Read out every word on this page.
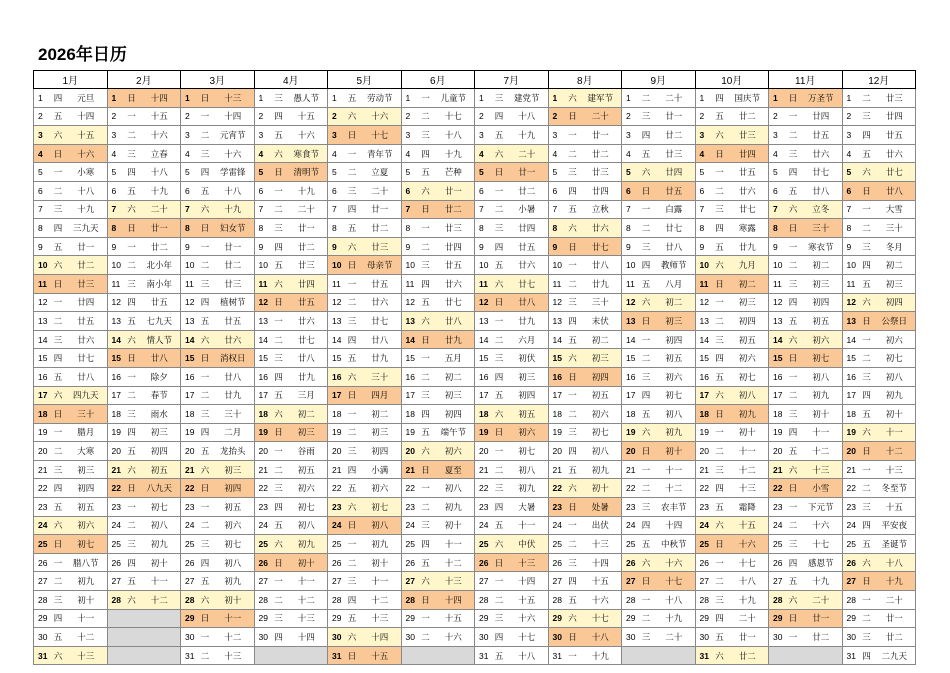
2026年日历
1月	2月	3月	4月	5月	6月	7月	8月	9月	10月	11月	12月

1 四 元旦	1 日 十四	1 日 十三	1 三 愚人节	1 五 劳动节	1 一 儿童节	1 三 建党节	1 六 建军节	1 二 二十	1 四 国庆节	1 日 万圣节	1 二 廿三

2 五 十四	2 一 十五	2 一 十四	2 四 十五	2 六 十六	2 二 十七	2 四 十八	2 日 二十	2 三 廿一	2 五 廿二	2 一 廿四	2 三 廿四

3 六 十五	3 二 十六	3 二 元宵节	3 五 十六	3 日 十七	3 三 十八	3 五 十九	3 一 廿一	3 四 廿二	3 六 廿三	3 二 廿五	3 四 廿五

4 日 十六	4 三 立春	4 三 十六	4 六 寒食节	4 一 青年节	4 四 十九	4 六 二十	4 二 廿二	4 五 廿三	4 日 廿四	4 三 廿六	4 五 廿六

5 一 小寒	5 四 十八	5 四 学雷锋	5 日 清明节	5 二 立夏	5 五 芒种	5 日 廿一	5 三 廿三	5 六 廿四	5 一 廿五	5 四 廿七	5 六 廿七

6 二 十八	6 五 十九	6 五 十八	6 一 十九	6 三 二十	6 六 廿一	6 一 廿二	6 四 廿四	6 日 廿五	6 二 廿六	6 五 廿八	6 日 廿八

7 三 十九	7 六 二十	7 六 十九	7 二 二十	7 四 廿一	7 日 廿二	7 二 小暑	7 五 立秋	7 一 白露	7 三 廿七	7 六 立冬	7 一 大雪

8 四 三九天	8 日 廿一	8 日 妇女节	8 三 廿一	8 五 廿二	8 一 廿三	8 三 廿四	8 六 廿六	8 二 廿七	8 四 寒露	8 日 三十	8 二 三十

9 五 廿一	9 一 廿二	9 一 廿一	9 四 廿二	9 六 廿三	9 二 廿四	9 四 廿五	9 日 廿七	9 三 廿八	9 五 廿九	9 一 寒衣节	9 三 冬月

10 六 廿二	10 二 北小年	10 二 廿二	10 五 廿三	10 日 母亲节	10 三 廿五	10 五 廿六	10 一 廿八	10 四 教师节	10 六 九月	10 二 初二	10 四 初二

11 日 廿三	11 三 南小年	11 三 廿三	11 六 廿四	11 一 廿五	11 四 廿六	11 六 廿七	11 二 廿九	11 五 八月	11 日 初二	11 三 初三	11 五 初三

12 一 廿四	12 四 廿五	12 四 植树节	12 日 廿五	12 二 廿六	12 五 廿七	12 日 廿八	12 三 三十	12 六 初二	12 一 初三	12 四 初四	12 六 初四

13 二 廿五	13 五 七九天	13 五 廿五	13 一 廿六	13 三 廿七	13 六 廿八	13 一 廿九	13 四 末伏	13 日 初三	13 二 初四	13 五 初五	13 日 公祭日

14 三 廿六	14 六 情人节	14 六 廿六	14 二 廿七	14 四 廿八	14 日 廿九	14 二 六月	14 五 初二	14 一 初四	14 三 初五	14 六 初六	14 一 初六

15 四 廿七	15 日 廿八	15 日 消权日	15 三 廿八	15 五 廿九	15 一 五月	15 三 初伏	15 六 初三	15 二 初五	15 四 初六	15 日 初七	15 二 初七

16 五 廿八	16 一 除夕	16 一 廿八	16 四 廿九	16 六 三十	16 二 初二	16 四 初三	16 日 初四	16 三 初六	16 五 初七	16 一 初八	16 三 初八

17 六 四九天	17 二 春节	17 二 廿九	17 五 三月	17 日 四月	17 三 初三	17 五 初四	17 一 初五	17 四 初七	17 六 初八	17 二 初九	17 四 初九

18 日 三十	18 三 雨水	18 三 三十	18 六 初二	18 一 初二	18 四 初四	18 六 初五	18 二 初六	18 五 初八	18 日 初九	18 三 初十	18 五 初十

19 一 腊月	19 四 初三	19 四 二月	19 日 初三	19 二 初三	19 五 端午节	19 日 初六	19 三 初七	19 六 初九	19 一 初十	19 四 十一	19 六 十一

20 二 大寒	20 五 初四	20 五 龙抬头	20 一 谷雨	20 三 初四	20 六 初六	20 一 初七	20 四 初八	20 日 初十	20 二 十一	20 五 十二	20 日 十二

21 三 初三	21 六 初五	21 六 初三	21 二 初五	21 四 小满	21 日 夏至	21 二 初八	21 五 初九	21 一 十一	21 三 十二	21 六 十三	21 一 十三

22 四 初四	22 日 八九天	22 日 初四	22 三 初六	22 五 初六	22 一 初八	22 三 初九	22 六 初十	22 二 十二	22 四 十三	22 日 小雪	22 二 冬至节

23 五 初五	23 一 初七	23 一 初五	23 四 初七	23 六 初七	23 二 初九	23 四 大暑	23 日 处暑	23 三 农丰节	23 五 霜降	23 一 下元节	23 三 十五

24 六 初六	24 二 初八	24 二 初六	24 五 初八	24 日 初八	24 三 初十	24 五 十一	24 一 出伏	24 四 十四	24 六 十五	24 二 十六	24 四 平安夜

25 日 初七	25 三 初九	25 三 初七	25 六 初九	25 一 初九	25 四 十一	25 六 中伏	25 二 十三	25 五 中秋节	25 日 十六	25 三 十七	25 五 圣诞节

26 一 腊八节	26 四 初十	26 四 初八	26 日 初十	26 二 初十	26 五 十二	26 日 十三	26 三 十四	26 六 十六	26 一 十七	26 四 感恩节	26 六 十八

27 二 初九	27 五 十一	27 五 初九	27 一 十一	27 三 十一	27 六 十三	27 一 十四	27 四 十五	27 日 十七	27 二 十八	27 五 十九	27 日 十九

28 三 初十	28 六 十二	28 六 初十	28 二 十二	28 四 十二	28 日 十四	28 二 十五	28 五 十六	28 一 十八	28 三 十九	28 六 二十	28 一 二十

29 四 十一		29 日 十一	29 三 十三	29 五 十三	29 一 十五	29 三 十六	29 六 十七	29 二 十九	29 四 二十	29 日 廿一	29 二 廿一

30 五 十二		30 一 十二	30 四 十四	30 六 十四	30 二 十六	30 四 十七	30 日 十八	30 三 二十	30 五 廿一	30 一 廿二	30 三 廿二

31 六 十三		31 二 十三		31 日 十五		31 五 十八	31 一 十九		31 六 廿二		31 四 二九天
